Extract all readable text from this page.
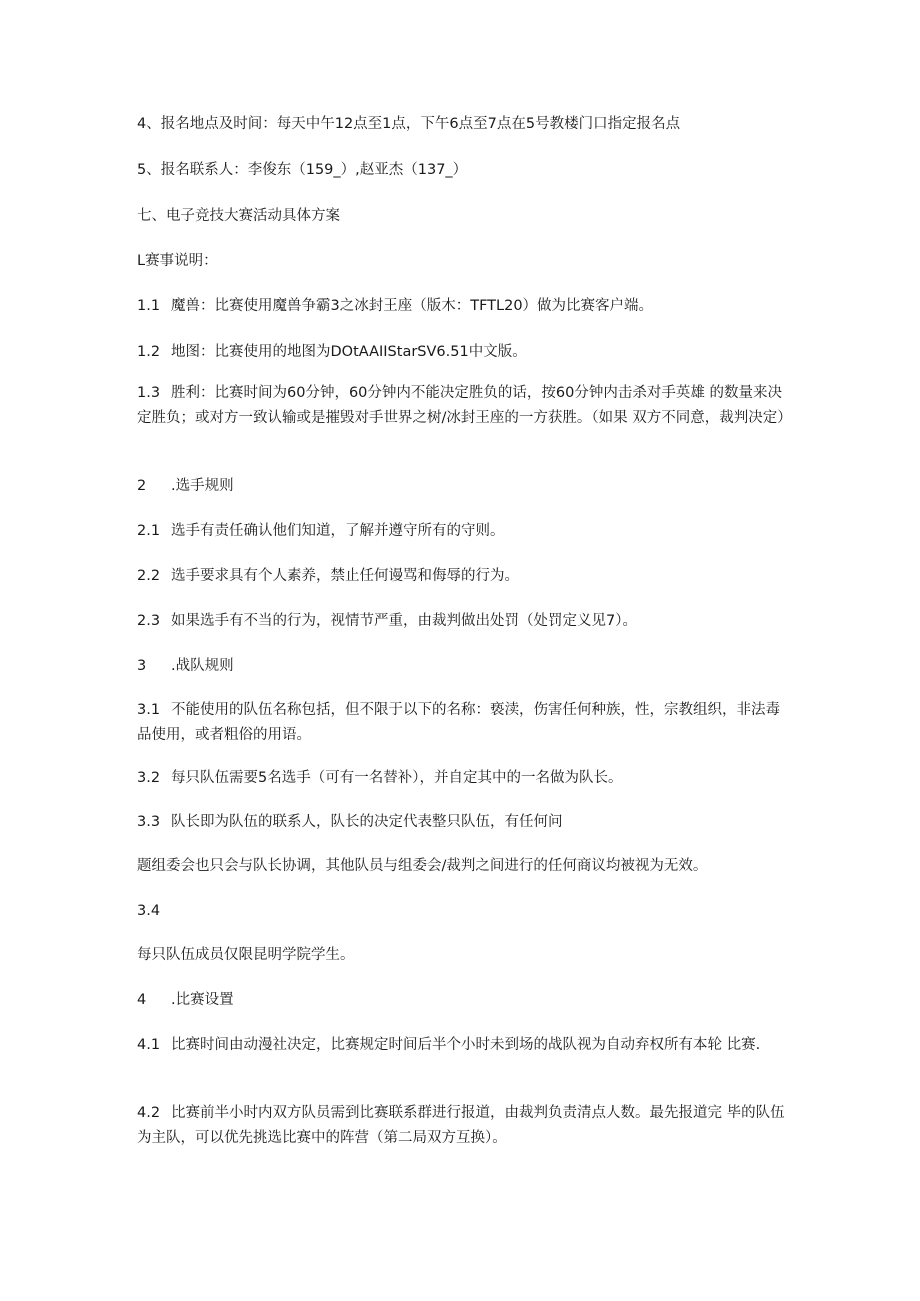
4、报名地点及时间：每天中午12点至1点，下午6点至7点在5号教楼门口指定报名点

5、报名联系人：李俊东（159_）,赵亚杰（137_）

七、电子竞技大赛活动具体方案

L赛事说明：

1.1 魔兽：比赛使用魔兽争霸3之冰封王座（版木：TFTL20）做为比赛客户端。

1.2 地图：比赛使用的地图为DOtAAIIStarSV6.51中文版。

1.3 胜利：比赛时间为60分钟，60分钟内不能决定胜负的话，按60分钟内击杀对手英雄 的数量来决定胜负；或对方一致认输或是摧毁对手世界之树/冰封王座的一方获胜。（如果 双方不同意，裁判决定）

2 .选手规则

2.1 选手有责任确认他们知道，了解并遵守所有的守则。

2.2 选手要求具有个人素养，禁止任何谩骂和侮辱的行为。

2.3 如果选手有不当的行为，视情节严重，由裁判做出处罚（处罚定义见7）。

3 .战队规则

3.1 不能使用的队伍名称包括，但不限于以下的名称：亵渎，伤害任何种族，性，宗教组织，非法毒品使用，或者粗俗的用语。

3.2 每只队伍需要5名选手（可有一名替补），并自定其中的一名做为队长。

3.3 队长即为队伍的联系人，队长的决定代表整只队伍，有任何问

题组委会也只会与队长协调，其他队员与组委会/裁判之间进行的任何商议均被视为无效。

3.4

每只队伍成员仅限昆明学院学生。

4 .比赛设置

4.1 比赛时间由动漫社决定，比赛规定时间后半个小时未到场的战队视为自动弃权所有本轮 比赛.

4.2 比赛前半小时内双方队员需到比赛联系群进行报道，由裁判负责清点人数。最先报道完 毕的队伍为主队，可以优先挑选比赛中的阵营（第二局双方互换）。
